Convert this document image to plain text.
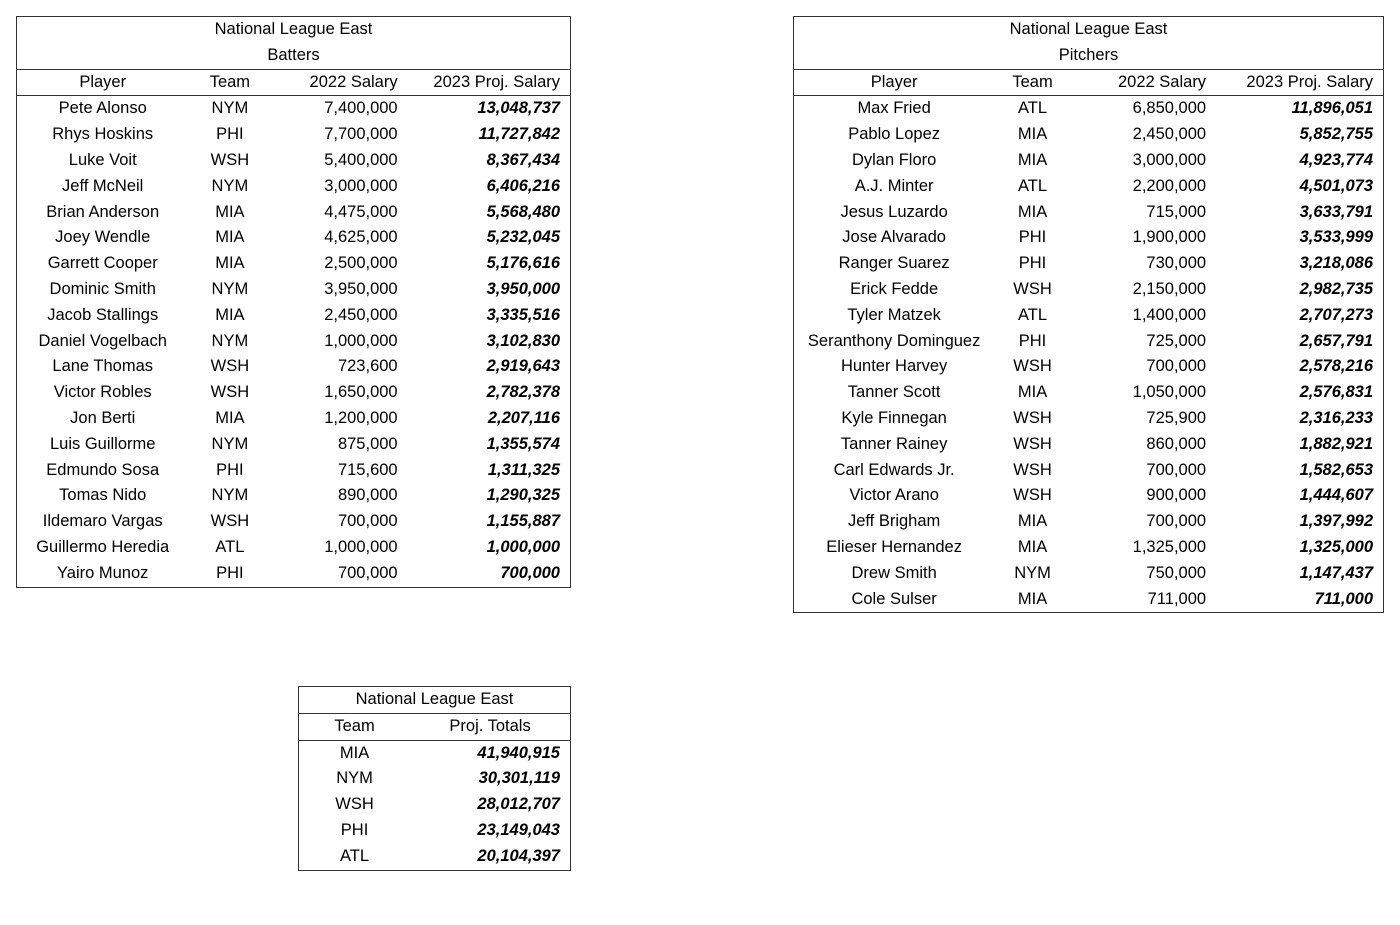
National League East			
Batters			
Player	Team	2022 Salary	2023 Proj. Salary
Pete Alonso	NYM	7,400,000	13,048,737
Rhys Hoskins	PHI	7,700,000	11,727,842
Luke Voit	WSH	5,400,000	8,367,434
Jeff McNeil	NYM	3,000,000	6,406,216
Brian Anderson	MIA	4,475,000	5,568,480
Joey Wendle	MIA	4,625,000	5,232,045
Garrett Cooper	MIA	2,500,000	5,176,616
Dominic Smith	NYM	3,950,000	3,950,000
Jacob Stallings	MIA	2,450,000	3,335,516
Daniel Vogelbach	NYM	1,000,000	3,102,830
Lane Thomas	WSH	723,600	2,919,643
Victor Robles	WSH	1,650,000	2,782,378
Jon Berti	MIA	1,200,000	2,207,116
Luis Guillorme	NYM	875,000	1,355,574
Edmundo Sosa	PHI	715,600	1,311,325
Tomas Nido	NYM	890,000	1,290,325
Ildemaro Vargas	WSH	700,000	1,155,887
Guillermo Heredia	ATL	1,000,000	1,000,000
Yairo Munoz	PHI	700,000	700,000
National League East			
Pitchers			
Player	Team	2022 Salary	2023 Proj. Salary
Max Fried	ATL	6,850,000	11,896,051
Pablo Lopez	MIA	2,450,000	5,852,755
Dylan Floro	MIA	3,000,000	4,923,774
A.J. Minter	ATL	2,200,000	4,501,073
Jesus Luzardo	MIA	715,000	3,633,791
Jose Alvarado	PHI	1,900,000	3,533,999
Ranger Suarez	PHI	730,000	3,218,086
Erick Fedde	WSH	2,150,000	2,982,735
Tyler Matzek	ATL	1,400,000	2,707,273
Seranthony Dominguez	PHI	725,000	2,657,791
Hunter Harvey	WSH	700,000	2,578,216
Tanner Scott	MIA	1,050,000	2,576,831
Kyle Finnegan	WSH	725,900	2,316,233
Tanner Rainey	WSH	860,000	1,882,921
Carl Edwards Jr.	WSH	700,000	1,582,653
Victor Arano	WSH	900,000	1,444,607
Jeff Brigham	MIA	700,000	1,397,992
Elieser Hernandez	MIA	1,325,000	1,325,000
Drew Smith	NYM	750,000	1,147,437
Cole Sulser	MIA	711,000	711,000
National League East	
Team	Proj. Totals
MIA	41,940,915
NYM	30,301,119
WSH	28,012,707
PHI	23,149,043
ATL	20,104,397
